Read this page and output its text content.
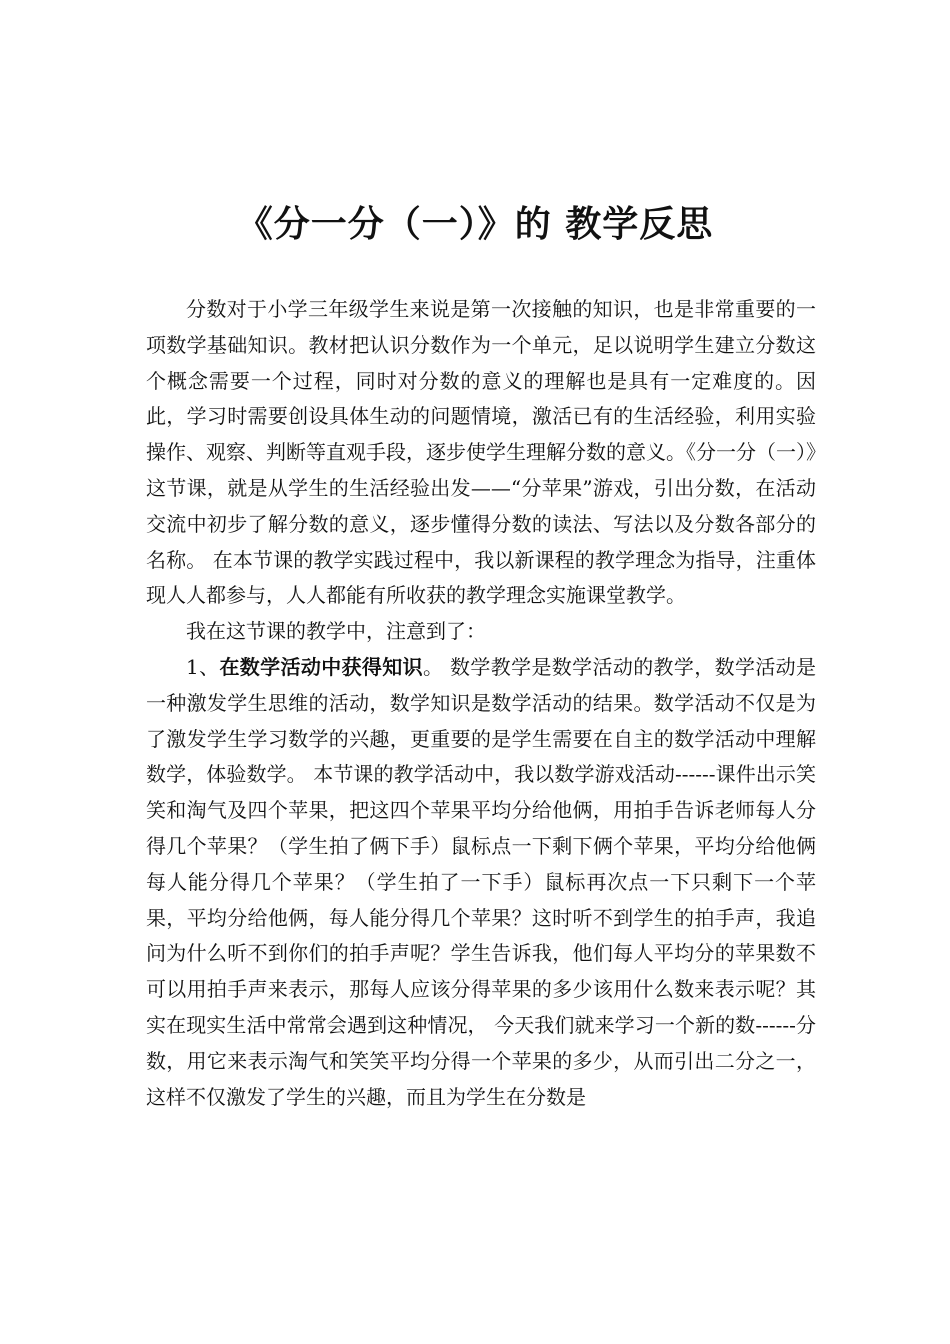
《分一分（一）》的 教学反思

分数对于小学三年级学生来说是第一次接触的知识，也是非常重要的一项数学基础知识。教材把认识分数作为一个单元，足以说明学生建立分数这个概念需要一个过程，同时对分数的意义的理解也是具有一定难度的。因此，学习时需要创设具体生动的问题情境，激活已有的生活经验，利用实验操作、观察、判断等直观手段，逐步使学生理解分数的意义。《分一分（一）》这节课，就是从学生的生活经验出发——“分苹果”游戏，引出分数，在活动交流中初步了解分数的意义，逐步懂得分数的读法、写法以及分数各部分的名称。 在本节课的教学实践过程中，我以新课程的教学理念为指导，注重体现人人都参与，人人都能有所收获的教学理念实施课堂教学。

我在这节课的教学中，注意到了：

1、在数学活动中获得知识。 数学教学是数学活动的教学，数学活动是一种激发学生思维的活动，数学知识是数学活动的结果。数学活动不仅是为了激发学生学习数学的兴趣，更重要的是学生需要在自主的数学活动中理解数学，体验数学。 本节课的教学活动中，我以数学游戏活动------课件出示笑笑和淘气及四个苹果，把这四个苹果平均分给他俩，用拍手告诉老师每人分得几个苹果？（学生拍了俩下手）鼠标点一下剩下俩个苹果，平均分给他俩每人能分得几个苹果？（学生拍了一下手）鼠标再次点一下只剩下一个苹果，平均分给他俩，每人能分得几个苹果？这时听不到学生的拍手声，我追问为什么听不到你们的拍手声呢？学生告诉我，他们每人平均分的苹果数不可以用拍手声来表示，那每人应该分得苹果的多少该用什么数来表示呢？其实在现实生活中常常会遇到这种情况， 今天我们就来学习一个新的数------分数，用它来表示淘气和笑笑平均分得一个苹果的多少，从而引出二分之一，这样不仅激发了学生的兴趣，而且为学生在分数是
